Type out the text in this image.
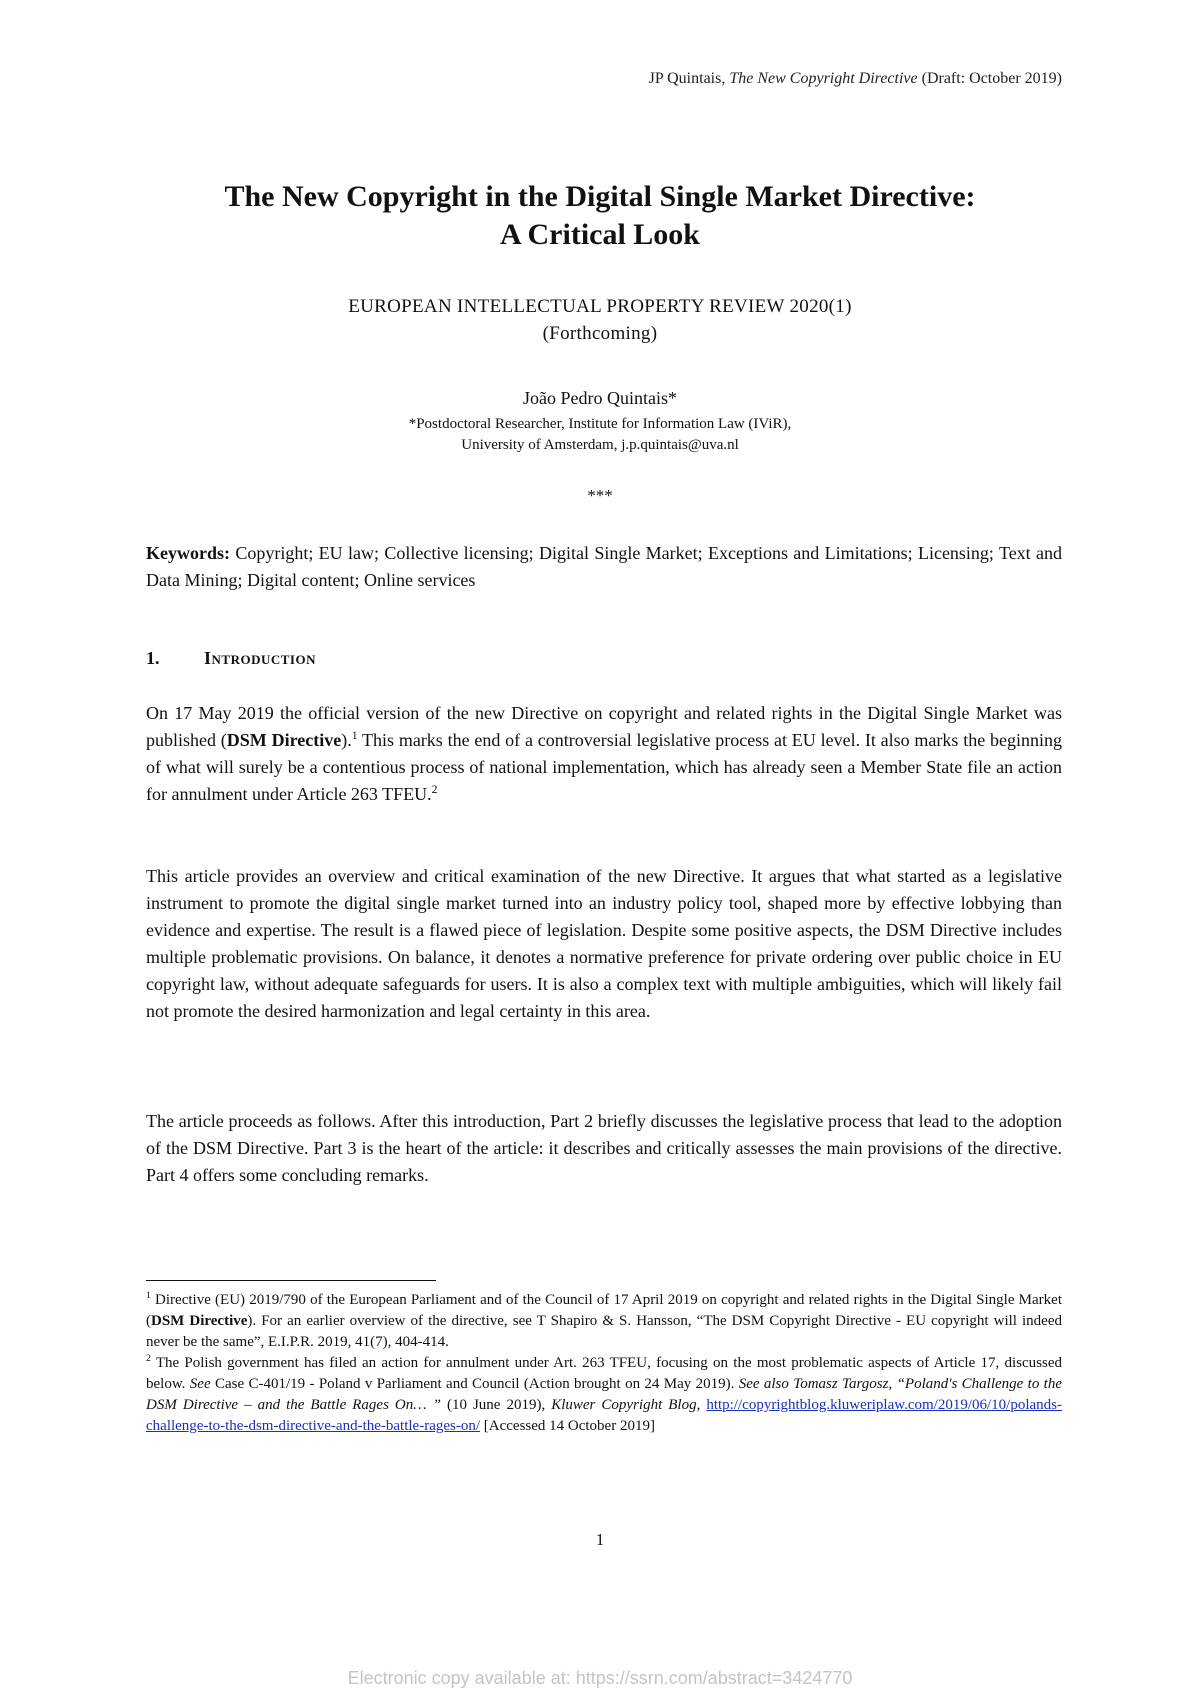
JP Quintais, The New Copyright Directive (Draft: October 2019)
The New Copyright in the Digital Single Market Directive:
A Critical Look
EUROPEAN INTELLECTUAL PROPERTY REVIEW 2020(1)
(Forthcoming)
João Pedro Quintais*
*Postdoctoral Researcher, Institute for Information Law (IViR),
University of Amsterdam, j.p.quintais@uva.nl
***
Keywords: Copyright; EU law; Collective licensing; Digital Single Market; Exceptions and Limitations; Licensing; Text and Data Mining; Digital content; Online services
1. Introduction
On 17 May 2019 the official version of the new Directive on copyright and related rights in the Digital Single Market was published (DSM Directive).$^1$ This marks the end of a controversial legislative process at EU level. It also marks the beginning of what will surely be a contentious process of national implementation, which has already seen a Member State file an action for annulment under Article 263 TFEU.$^2$
This article provides an overview and critical examination of the new Directive. It argues that what started as a legislative instrument to promote the digital single market turned into an industry policy tool, shaped more by effective lobbying than evidence and expertise. The result is a flawed piece of legislation. Despite some positive aspects, the DSM Directive includes multiple problematic provisions. On balance, it denotes a normative preference for private ordering over public choice in EU copyright law, without adequate safeguards for users. It is also a complex text with multiple ambiguities, which will likely fail not promote the desired harmonization and legal certainty in this area.
The article proceeds as follows. After this introduction, Part 2 briefly discusses the legislative process that lead to the adoption of the DSM Directive. Part 3 is the heart of the article: it describes and critically assesses the main provisions of the directive. Part 4 offers some concluding remarks.

$^1$ Directive (EU) 2019/790 of the European Parliament and of the Council of 17 April 2019 on copyright and related rights in the Digital Single Market (DSM Directive). For an earlier overview of the directive, see T Shapiro & S. Hansson, “The DSM Copyright Directive - EU copyright will indeed never be the same”, E.I.P.R. 2019, 41(7), 404-414.

$^2$ The Polish government has filed an action for annulment under Art. 263 TFEU, focusing on the most problematic aspects of Article 17, discussed below. See Case C-401/19 - Poland v Parliament and Council (Action brought on 24 May 2019). See also Tomasz Targosz, “Poland's Challenge to the DSM Directive – and the Battle Rages On… ” (10 June 2019), Kluwer Copyright Blog, http://copyrightblog.kluweriplaw.com/2019/06/10/polands-challenge-to-the-dsm-directive-and-the-battle-rages-on/ [Accessed 14 October 2019]

1
Electronic copy available at: https://ssrn.com/abstract=3424770
